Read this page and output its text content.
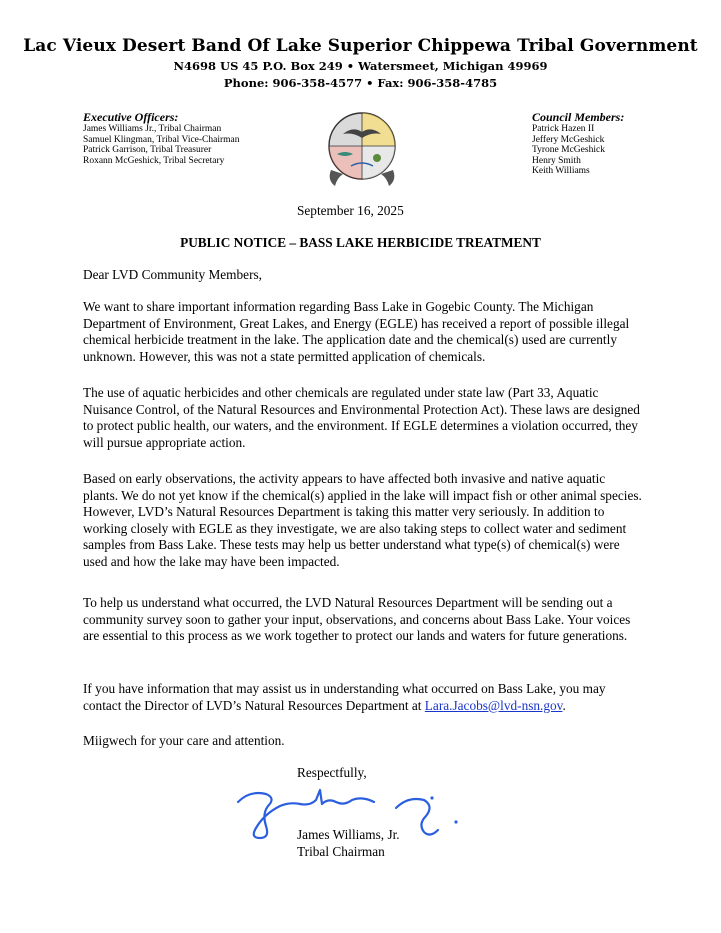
Lac Vieux Desert Band Of Lake Superior Chippewa Tribal Government
N4698 US 45 P.O. Box 249 • Watersmeet, Michigan 49969
Phone: 906-358-4577 • Fax: 906-358-4785
Executive Officers:
James Williams Jr., Tribal Chairman
Samuel Klingman, Tribal Vice-Chairman
Patrick Garrison, Tribal Treasurer
Roxann McGeshick, Tribal Secretary
Council Members:
Patrick Hazen II
Jeffery McGeshick
Tyrone McGeshick
Henry Smith
Keith Williams
September 16, 2025
PUBLIC NOTICE – BASS LAKE HERBICIDE TREATMENT
Dear LVD Community Members,

We want to share important information regarding Bass Lake in Gogebic County. The Michigan Department of Environment, Great Lakes, and Energy (EGLE) has received a report of possible illegal chemical herbicide treatment in the lake. The application date and the chemical(s) used are currently unknown. However, this was not a state permitted application of chemicals.

The use of aquatic herbicides and other chemicals are regulated under state law (Part 33, Aquatic Nuisance Control, of the Natural Resources and Environmental Protection Act). These laws are designed to protect public health, our waters, and the environment. If EGLE determines a violation occurred, they will pursue appropriate action.

Based on early observations, the activity appears to have affected both invasive and native aquatic plants. We do not yet know if the chemical(s) applied in the lake will impact fish or other animal species. However, LVD’s Natural Resources Department is taking this matter very seriously. In addition to working closely with EGLE as they investigate, we are also taking steps to collect water and sediment samples from Bass Lake. These tests may help us better understand what type(s) of chemical(s) were used and how the lake may have been impacted.

To help us understand what occurred, the LVD Natural Resources Department will be sending out a community survey soon to gather your input, observations, and concerns about Bass Lake. Your voices are essential to this process as we work together to protect our lands and waters for future generations.

If you have information that may assist us in understanding what occurred on Bass Lake, you may contact the Director of LVD’s Natural Resources Department at Lara.Jacobs@lvd-nsn.gov.

Miigwech for your care and attention.
Respectfully,
James Williams, Jr.
Tribal Chairman
